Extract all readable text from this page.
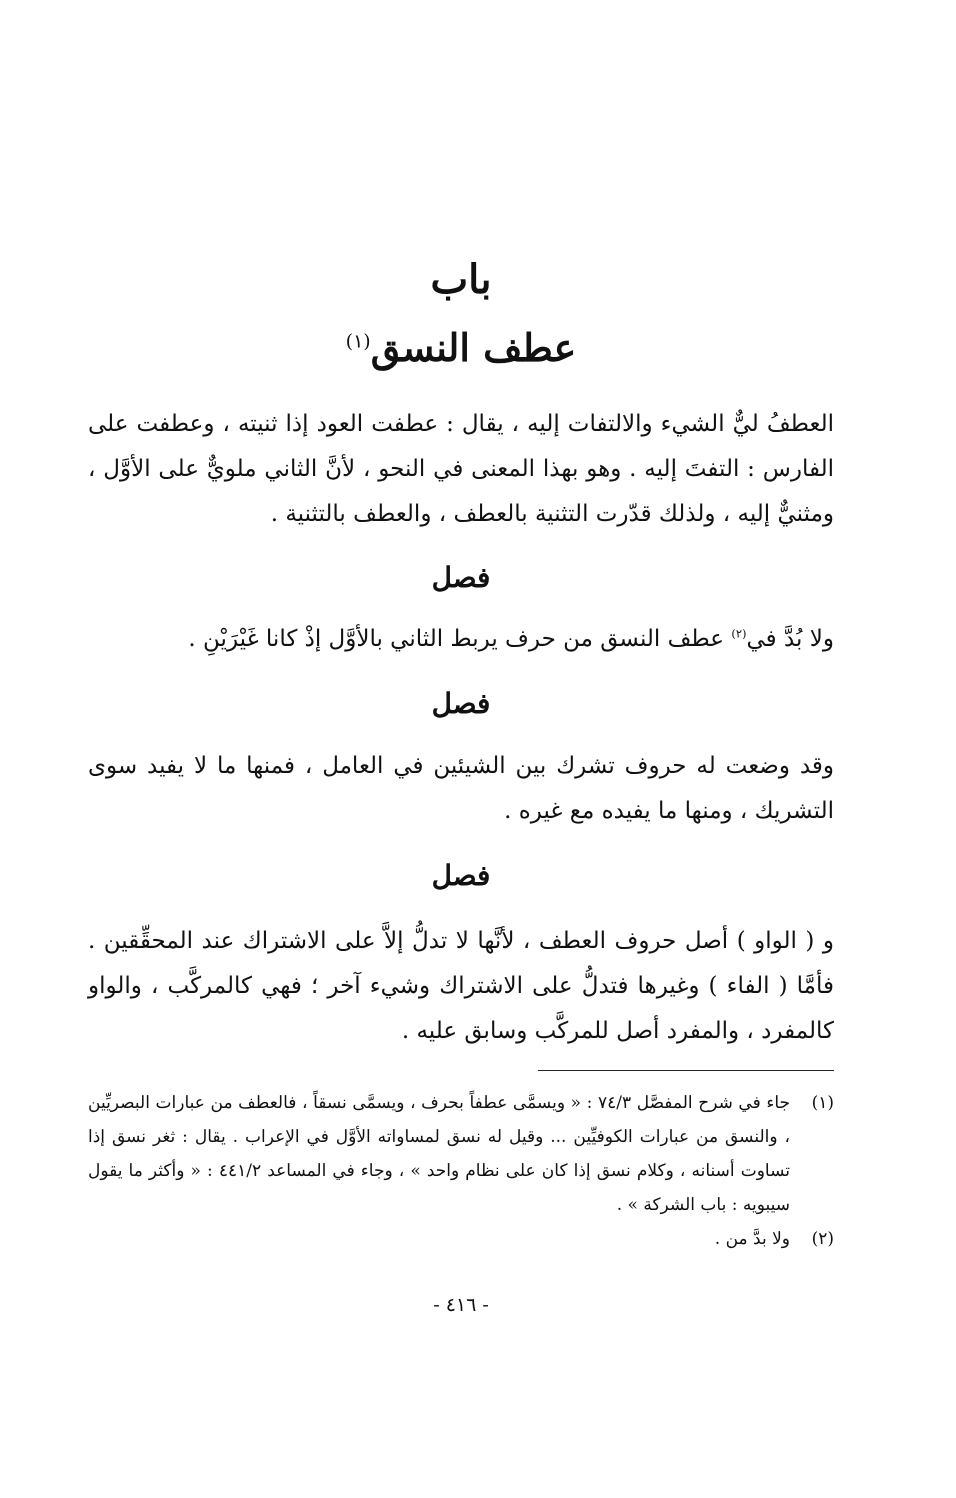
باب
عطف النسق$^{(١)}$

العطفُ ليٌّ الشيء والالتفات إليه ، يقال : عطفت العود إذا ثنيته ، وعطفت على الفارس : التفتَ إليه . وهو بهذا المعنى في النحو ، لأنَّ الثاني ملويٌّ على الأوَّل ، ومثنيٌّ إليه ، ولذلك قدّرت التثنية بالعطف ، والعطف بالتثنية .

فصل

ولا بُدَّ في$^{(٢)}$ عطف النسق من حرف يربط الثاني بالأوَّل إذْ كانا غَيْرَيْنِ .

فصل

وقد وضعت له حروف تشرك بين الشيئين في العامل ، فمنها ما لا يفيد سوى التشريك ، ومنها ما يفيده مع غيره .

فصل

و ( الواو ) أصل حروف العطف ، لأنَّها لا تدلُّ إلاَّ على الاشتراك عند المحقِّقين . فأمَّا ( الفاء ) وغيرها فتدلُّ على الاشتراك وشيء آخر ؛ فهي كالمركَّب ، والواو كالمفرد ، والمفرد أصل للمركَّب وسابق عليه .

(١)
جاء في شرح المفصَّل ٧٤/٣ : « ويسمَّى عطفاً بحرف ، ويسمَّى نسقاً ، فالعطف من عبارات البصريِّين ، والنسق من عبارات الكوفيِّين ... وقيل له نسق لمساواته الأوَّل في الإعراب . يقال : ثغر نسق إذا تساوت أسنانه ، وكلام نسق إذا كان على نظام واحد » ، وجاء في المساعد ٤٤١/٢ : « وأكثر ما يقول سيبويه : باب الشركة » .
(٢)
ولا بدَّ من .
- ٤١٦ -
